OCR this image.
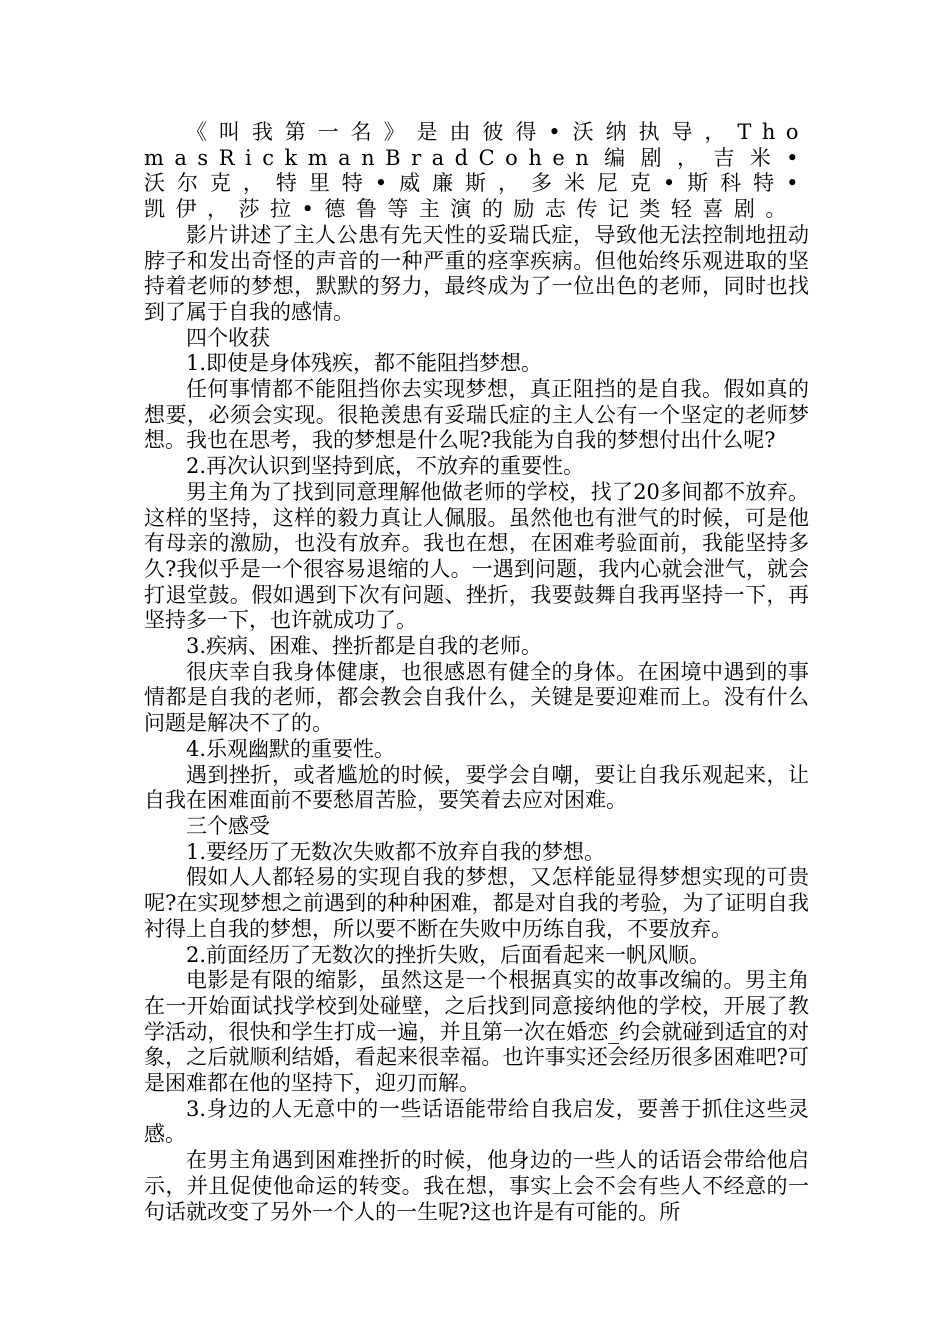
《叫我第一名》是由彼得•沃纳执导，ThomasRickmanBradCohen编剧，吉米•沃尔克，特里特•威廉斯，多米尼克•斯科特•凯伊，莎拉•德鲁等主演的励志传记类轻喜剧。

影片讲述了主人公患有先天性的妥瑞氏症，导致他无法控制地扭动脖子和发出奇怪的声音的一种严重的痉挛疾病。但他始终乐观进取的坚持着老师的梦想，默默的努力，最终成为了一位出色的老师，同时也找到了属于自我的感情。

四个收获

1.即使是身体残疾，都不能阻挡梦想。

任何事情都不能阻挡你去实现梦想，真正阻挡的是自我。假如真的想要，必须会实现。很艳羡患有妥瑞氏症的主人公有一个坚定的老师梦想。我也在思考，我的梦想是什么呢?我能为自我的梦想付出什么呢?

2.再次认识到坚持到底，不放弃的重要性。

男主角为了找到同意理解他做老师的学校，找了20多间都不放弃。这样的坚持，这样的毅力真让人佩服。虽然他也有泄气的时候，可是他有母亲的激励，也没有放弃。我也在想，在困难考验面前，我能坚持多久?我似乎是一个很容易退缩的人。一遇到问题，我内心就会泄气，就会打退堂鼓。假如遇到下次有问题、挫折，我要鼓舞自我再坚持一下，再坚持多一下，也许就成功了。

3.疾病、困难、挫折都是自我的老师。

很庆幸自我身体健康，也很感恩有健全的身体。在困境中遇到的事情都是自我的老师，都会教会自我什么，关键是要迎难而上。没有什么问题是解决不了的。

4.乐观幽默的重要性。

遇到挫折，或者尴尬的时候，要学会自嘲，要让自我乐观起来，让自我在困难面前不要愁眉苦脸，要笑着去应对困难。

三个感受

1.要经历了无数次失败都不放弃自我的梦想。

假如人人都轻易的实现自我的梦想，又怎样能显得梦想实现的可贵呢?在实现梦想之前遇到的种种困难，都是对自我的考验，为了证明自我衬得上自我的梦想，所以要不断在失败中历练自我，不要放弃。

2.前面经历了无数次的挫折失败，后面看起来一帆风顺。

电影是有限的缩影，虽然这是一个根据真实的故事改编的。男主角在一开始面试找学校到处碰壁，之后找到同意接纳他的学校，开展了教学活动，很快和学生打成一遍，并且第一次在婚恋_约会就碰到适宜的对象，之后就顺利结婚，看起来很幸福。也许事实还会经历很多困难吧?可是困难都在他的坚持下，迎刃而解。

3.身边的人无意中的一些话语能带给自我启发，要善于抓住这些灵感。

在男主角遇到困难挫折的时候，他身边的一些人的话语会带给他启示，并且促使他命运的转变。我在想，事实上会不会有些人不经意的一句话就改变了另外一个人的一生呢?这也许是有可能的。所
